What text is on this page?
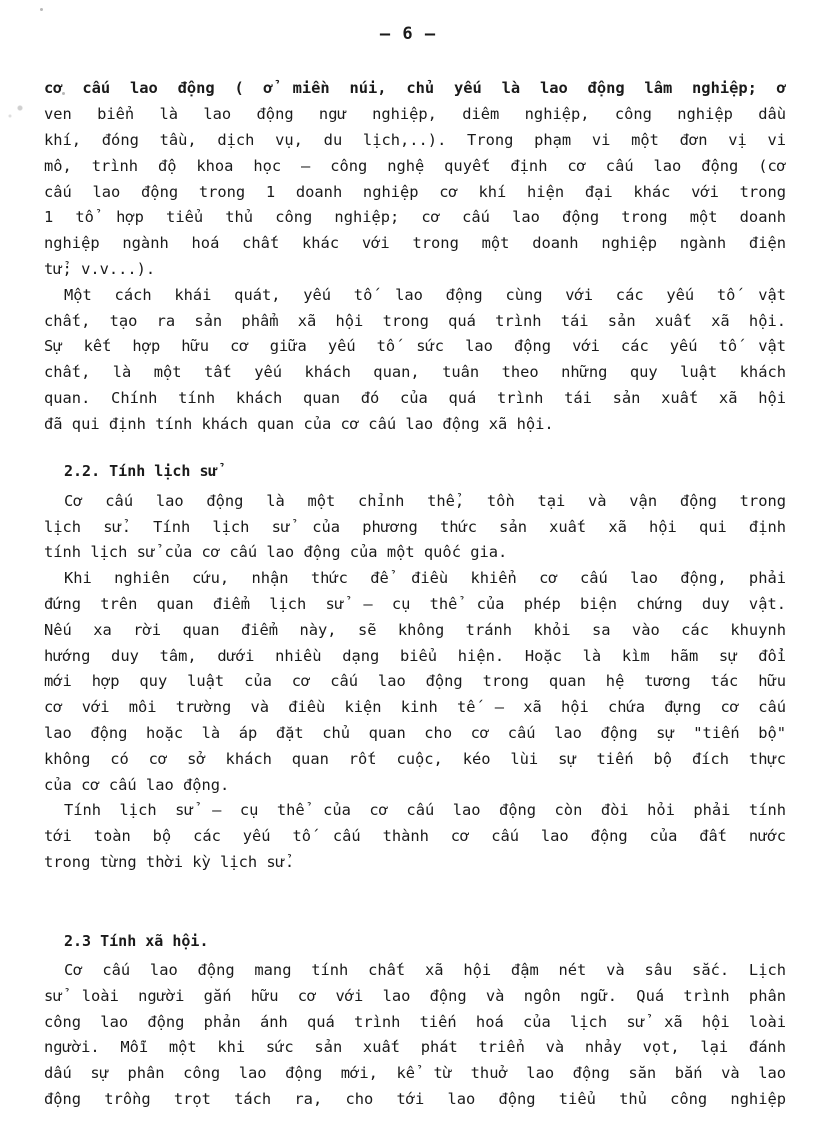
– 6 –
cơ cấu lao động ( ở miền núi, chủ yếu là lao động lâm nghiệp; ở
ven biển là lao động ngư nghiệp, diêm nghiệp, công nghiệp dầu
khí, đóng tầu, dịch vụ, du lịch,..). Trong phạm vi một đơn vị vi
mô, trình độ khoa học – công nghệ quyết định cơ cấu lao động (cơ
cấu lao động trong 1 doanh nghiệp cơ khí hiện đại khác với trong
1 tổ hợp tiểu thủ công nghiệp; cơ cấu lao động trong một doanh
nghiệp ngành hoá chất khác với trong một doanh nghiệp ngành điện
tử; v.v...).
Một cách khái quát, yếu tố lao động cùng với các yếu tố vật
chất, tạo ra sản phẩm xã hội trong quá trình tái sản xuất xã hội.
Sự kết hợp hữu cơ giữa yếu tố sức lao động với các yếu tố vật
chất, là một tất yếu khách quan, tuân theo những quy luật khách
quan. Chính tính khách quan đó của quá trình tái sản xuất xã hội
đã qui định tính khách quan của cơ cấu lao động xã hội.
2.2. Tính lịch sử
Cơ cấu lao động là một chỉnh thể, tồn tại và vận động trong
lịch sử. Tính lịch sử của phương thức sản xuất xã hội qui định
tính lịch sử của cơ cấu lao động của một quốc gia.
Khi nghiên cứu, nhận thức để điều khiển cơ cấu lao động, phải
đứng trên quan điểm lịch sử – cụ thể của phép biện chứng duy vật.
Nếu xa rời quan điểm này, sẽ không tránh khỏi sa vào các khuynh
hướng duy tâm, dưới nhiều dạng biểu hiện. Hoặc là kìm hãm sự đổi
mới hợp quy luật của cơ cấu lao động trong quan hệ tương tác hữu
cơ với môi trường và điều kiện kinh tế – xã hội chứa đựng cơ cấu
lao động hoặc là áp đặt chủ quan cho cơ cấu lao động sự "tiến bộ"
không có cơ sở khách quan rốt cuộc, kéo lùi sự tiến bộ đích thực
của cơ cấu lao động.
Tính lịch sử – cụ thể của cơ cấu lao động còn đòi hỏi phải tính
tới toàn bộ các yếu tố cấu thành cơ cấu lao động của đất nước
trong từng thời kỳ lịch sử.
2.3 Tính xã hội.
Cơ cấu lao động mang tính chất xã hội đậm nét và sâu sắc. Lịch
sử loài người gắn hữu cơ với lao động và ngôn ngữ. Quá trình phân
công lao động phản ánh quá trình tiến hoá của lịch sử xã hội loài
người. Mỗi một khi sức sản xuất phát triển và nhảy vọt, lại đánh
dấu sự phân công lao động mới, kể từ thuở lao động săn bắn và lao
động trồng trọt tách ra, cho tới lao động tiểu thủ công nghiệp
